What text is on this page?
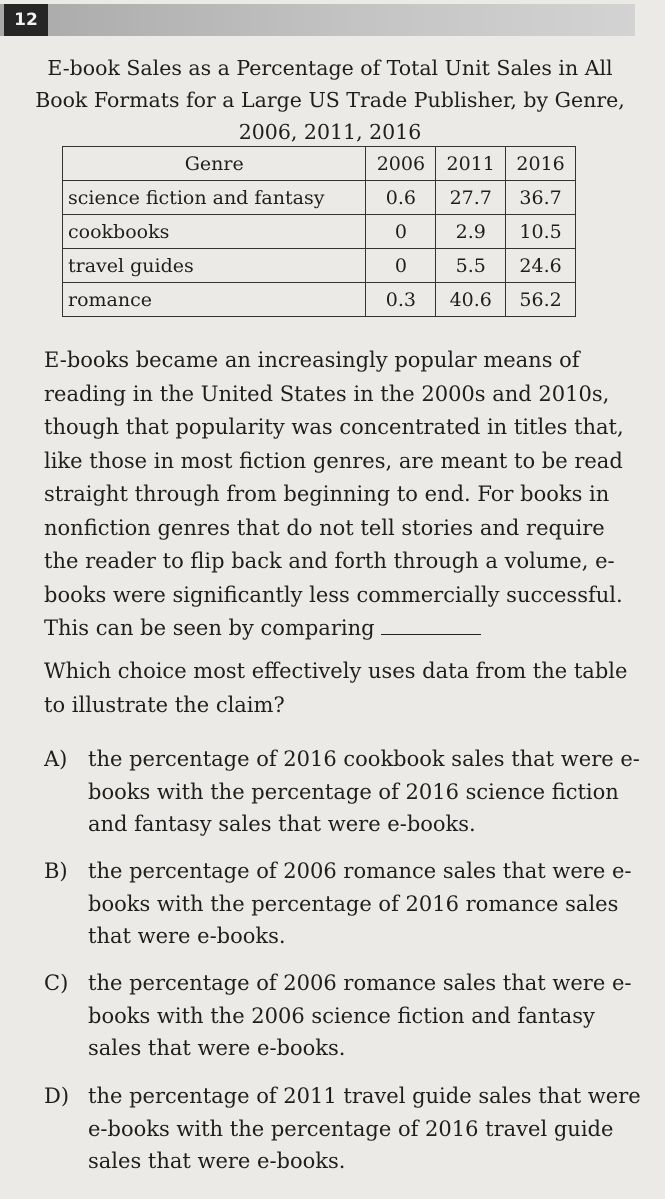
12
E-book Sales as a Percentage of Total Unit Sales in All Book Formats for a Large US Trade Publisher, by Genre, 2006, 2011, 2016
Genre	2006	2011	2016
science fiction and fantasy	0.6	27.7	36.7
cookbooks	0	2.9	10.5
travel guides	0	5.5	24.6
romance	0.3	40.6	56.2
E-books became an increasingly popular means of reading in the United States in the 2000s and 2010s, though that popularity was concentrated in titles that, like those in most fiction genres, are meant to be read straight through from beginning to end. For books in nonfiction genres that do not tell stories and require the reader to flip back and forth through a volume, e-books were significantly less commercially successful. This can be seen by comparing
Which choice most effectively uses data from the table to illustrate the claim?
A) the percentage of 2016 cookbook sales that were e-books with the percentage of 2016 science fiction and fantasy sales that were e-books.
B) the percentage of 2006 romance sales that were e-books with the percentage of 2016 romance sales that were e-books.
C) the percentage of 2006 romance sales that were e-books with the 2006 science fiction and fantasy sales that were e-books.
D) the percentage of 2011 travel guide sales that were e-books with the percentage of 2016 travel guide sales that were e-books.
